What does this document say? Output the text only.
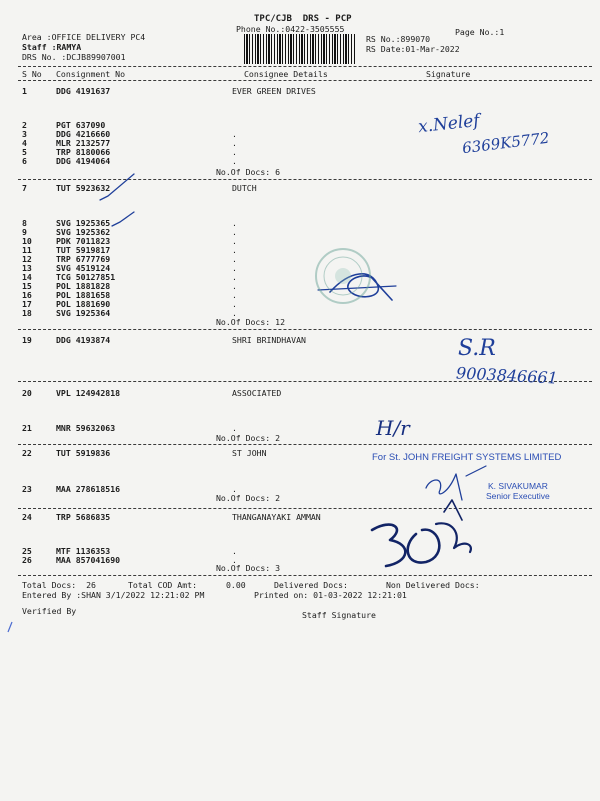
TPC/CJB  DRS - PCP
Phone No.:0422-3505555	Page No.:1
Area :OFFICE DELIVERY PC4
Staff :RAMYA
DRS No. :DCJB89907001
RS No.:899070
RS Date:01-Mar-2022
S No Consignment No	Consignee Details	Signature
1	DDG 4191637	EVER GREEN DRIVES
2	PGT 637090
3	DDG 4216660	.
4	MLR 2132577	.
5	TRP 8180066	.
6	DDG 4194064	.
7	TUT 5923632	DUTCH
8	SVG 1925365	.
9	SVG 1925362	.
10	PDK 7011823	.
11	TUT 5919817	.
12	TRP 6777769	.
13	SVG 4519124	.
14	TCG 50127851	.
15	POL 1881828	.
16	POL 1881658	.
17	POL 1881690	.
18	SVG 1925364	.
19	DDG 4193874	SHRI BRINDHAVAN
20	VPL 124942818	ASSOCIATED
21	MNR 59632063	.
22	TUT 5919836	ST JOHN
23	MAA 278618516	.
24	TRP 5686835	THANGANAYAKI AMMAN
25	MTF 1136353	.
26	MAA 857041690	.
No.Of Docs: 6
No.Of Docs: 12
No.Of Docs: 2
No.Of Docs: 2
No.Of Docs: 3
Total Docs:  26	Total COD Amt:	0.00	Delivered Docs:	Non Delivered Docs:
Entered By :SHAN 3/1/2022 12:21:02 PM	Printed on: 01-03-2022 12:21:01
Verified By	Staff Signature
x.Nelef
6369K5772
S.R
9003846661
H/r
For St. JOHN FREIGHT SYSTEMS LIMITED
K. SIVAKUMAR
Senior Executive
